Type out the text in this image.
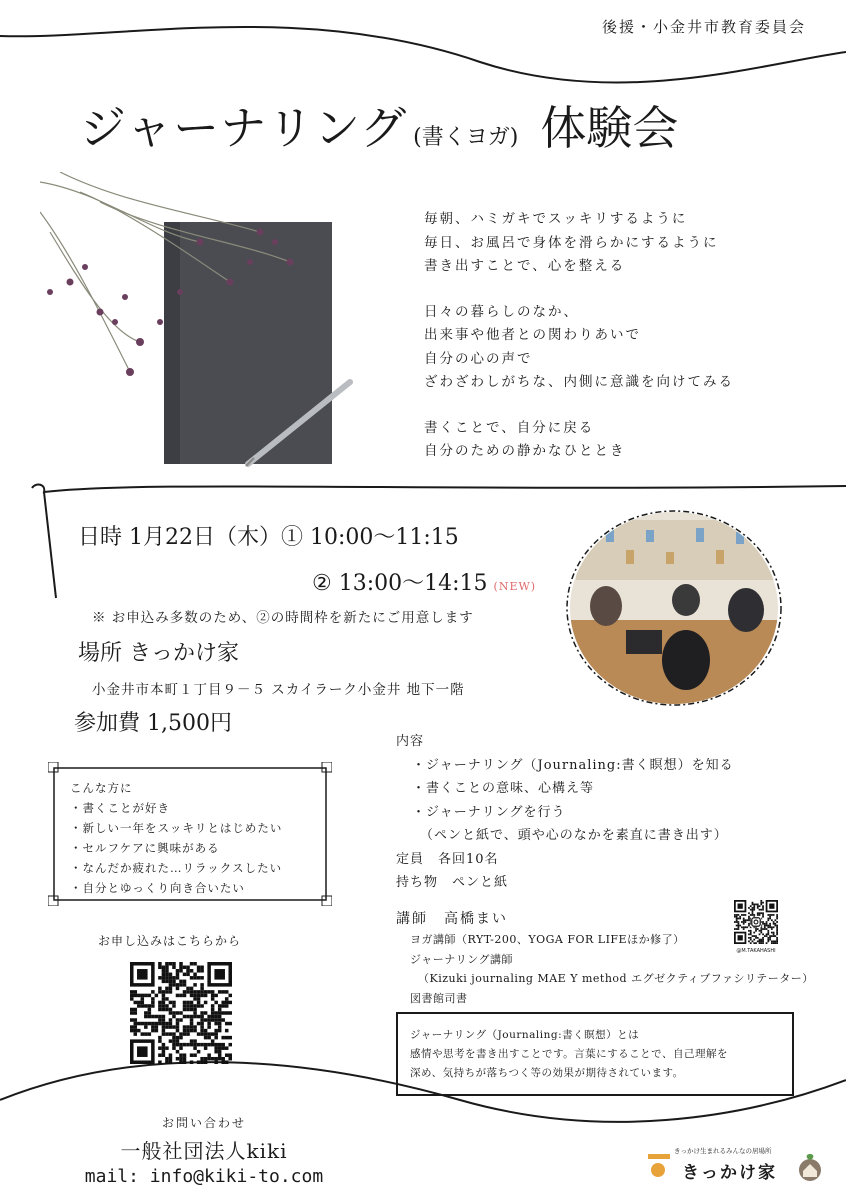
後援・小金井市教育委員会
ジャーナリング (書くヨガ) 体験会
毎朝、ハミガキでスッキリするように
毎日、お風呂で身体を滑らかにするように
書き出すことで、心を整える
日々の暮らしのなか、
出来事や他者との関わりあいで
自分の心の声で
ざわざわしがちな、内側に意識を向けてみる
書くことで、自分に戻る
自分のための静かなひととき
日時 1月22日（木）① 10:00〜11:15
② 13:00〜14:15 (NEW)
※ お申込み多数のため、②の時間枠を新たにご用意します
場所 きっかけ家
小金井市本町１丁目９－５ スカイラーク小金井 地下一階
参加費 1,500円
こんな方に
・書くことが好き
・新しい一年をスッキリとはじめたい
・セルフケアに興味がある
・なんだか疲れた…リラックスしたい
・自分とゆっくり向き合いたい
内容
・ジャーナリング（Journaling:書く瞑想）を知る
・書くことの意味、心構え等
・ジャーナリングを行う
（ペンと紙で、頭や心のなかを素直に書き出す）
定員　各回10名
持ち物　ペンと紙
講師　高橋まい
ヨガ講師（RYT-200、YOGA FOR LIFEほか修了）
ジャーナリング講師
（Kizuki journaling MAE Y method エグゼクティブファシリテーター）
図書館司書
@M.TAKAHASHI
ジャーナリング（Journaling:書く瞑想）とは
感情や思考を書き出すことです。言葉にすることで、自己理解を
深め、気持ちが落ちつく等の効果が期待されています。
お申し込みはこちらから
お問い合わせ
一般社団法人kiki
mail: info@kiki-to.com
きっかけ生まれるみんなの居場所
きっかけ家
